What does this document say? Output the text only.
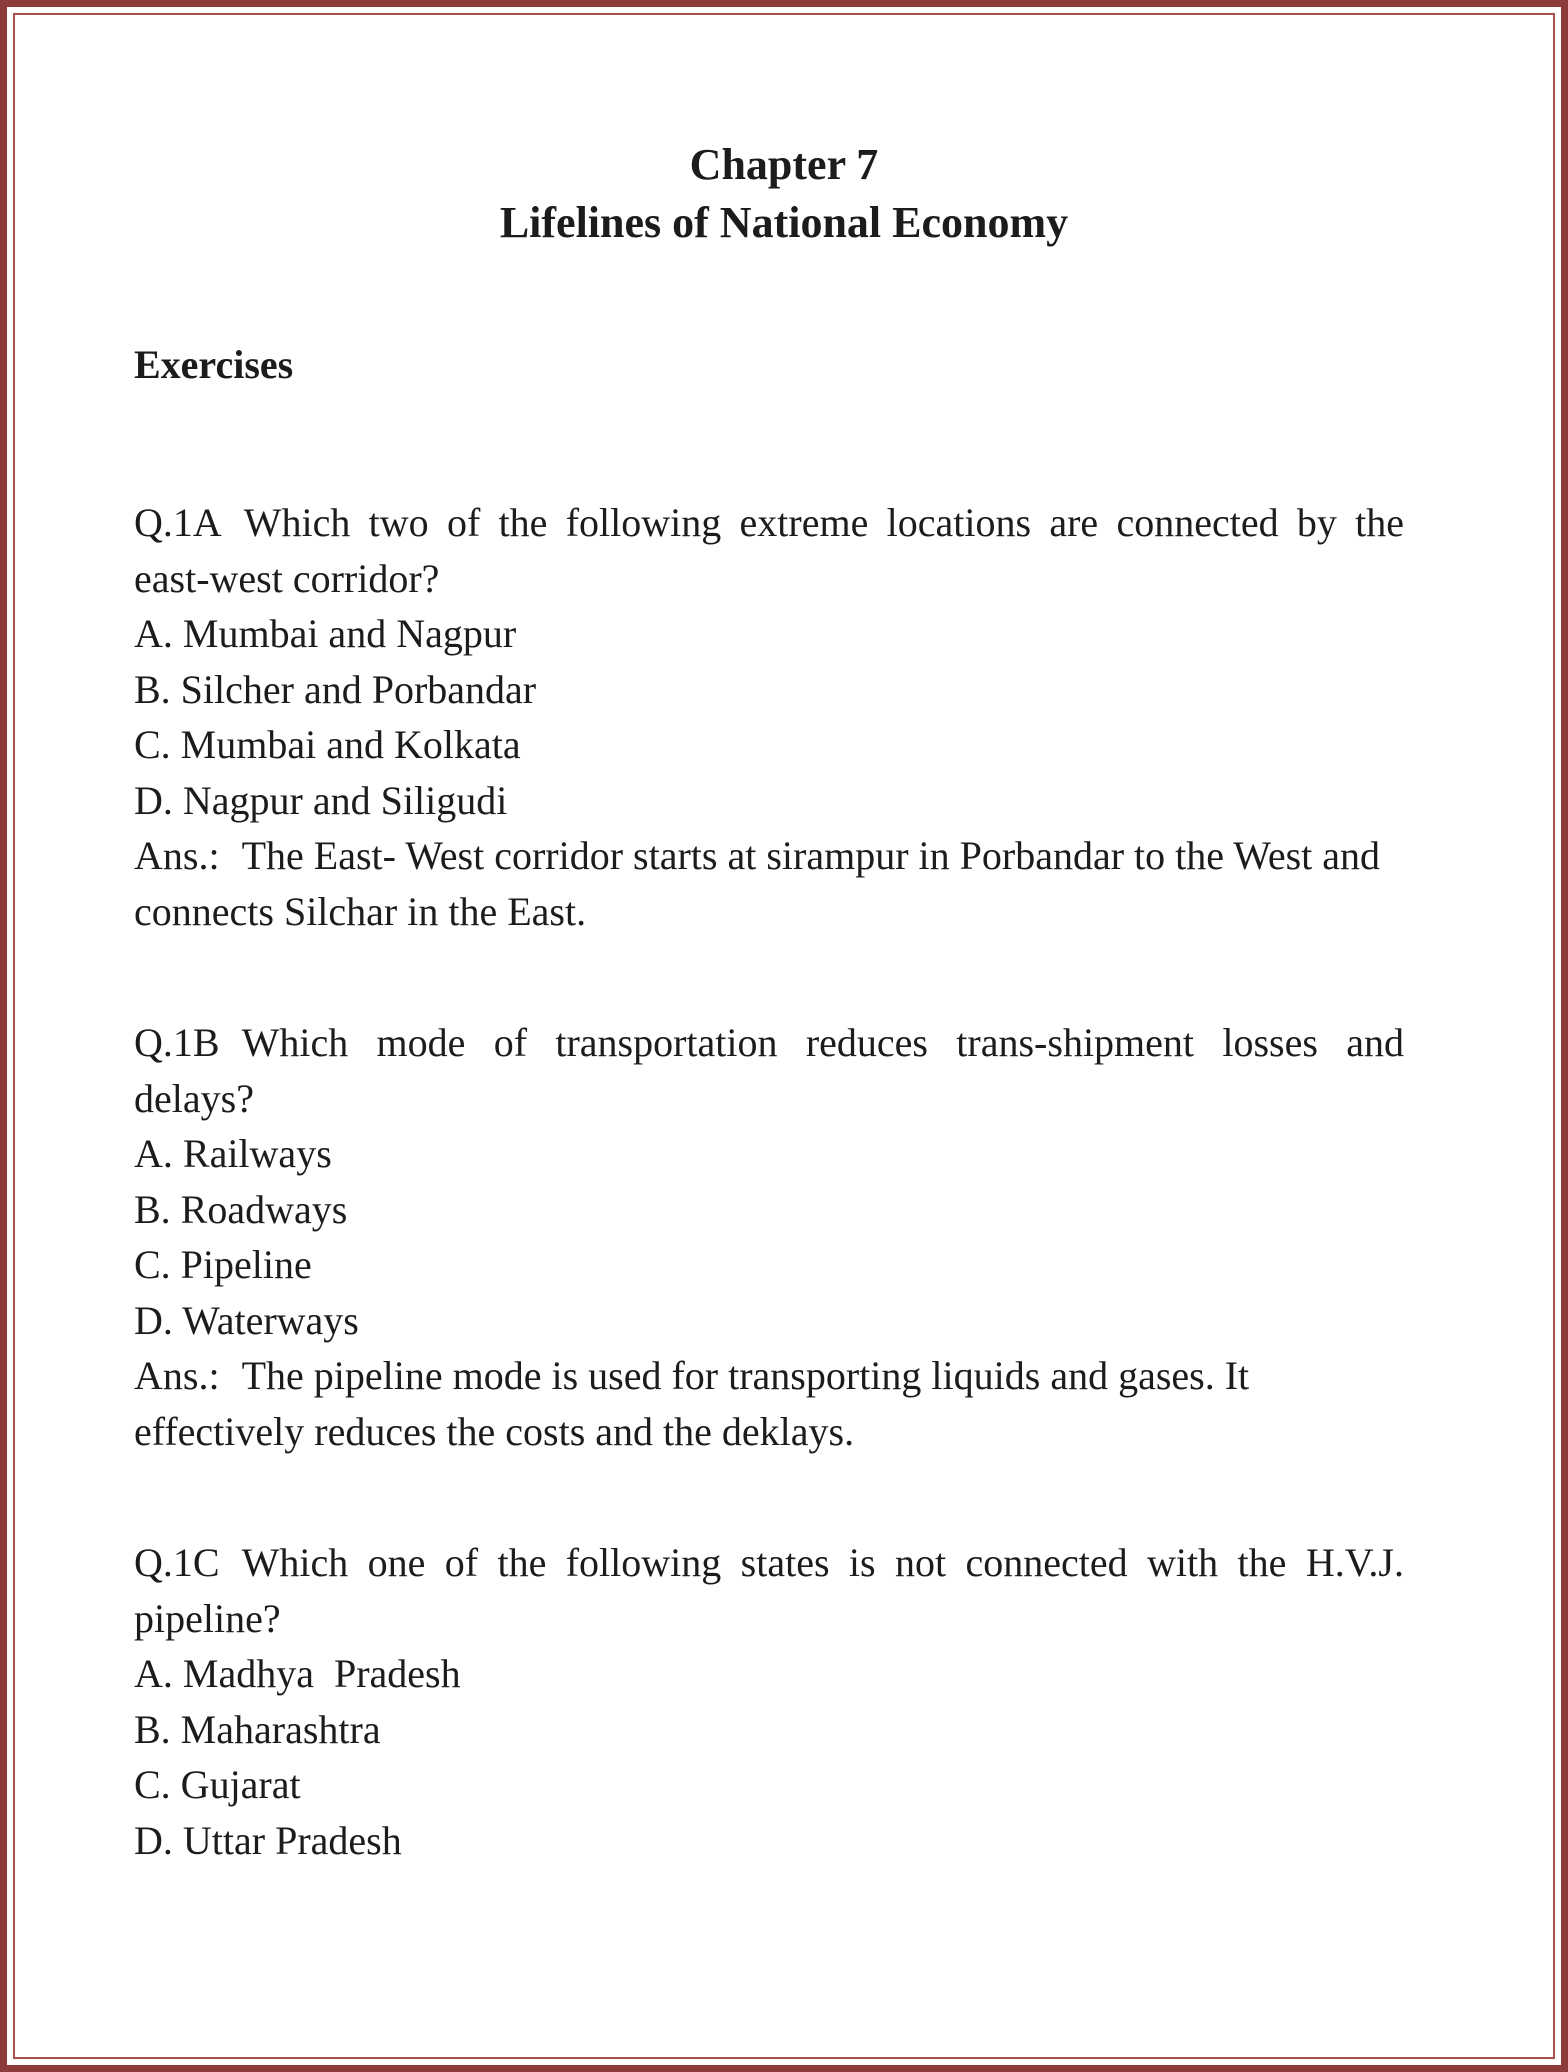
Chapter 7
Lifelines of National Economy
Exercises
Q.1A Which two of the following extreme locations are connected by the east-west corridor?
A. Mumbai and Nagpur
B. Silcher and Porbandar
C. Mumbai and Kolkata
D. Nagpur and Siligudi
Ans.: The East- West corridor starts at sirampur in Porbandar to the West and connects Silchar in the East.
Q.1B Which mode of transportation reduces trans-shipment losses and delays?
A. Railways
B. Roadways
C. Pipeline
D. Waterways
Ans.: The pipeline mode is used for transporting liquids and gases. It effectively reduces the costs and the deklays.
Q.1C Which one of the following states is not connected with the H.V.J. pipeline?
A. Madhya  Pradesh
B. Maharashtra
C. Gujarat
D. Uttar Pradesh
